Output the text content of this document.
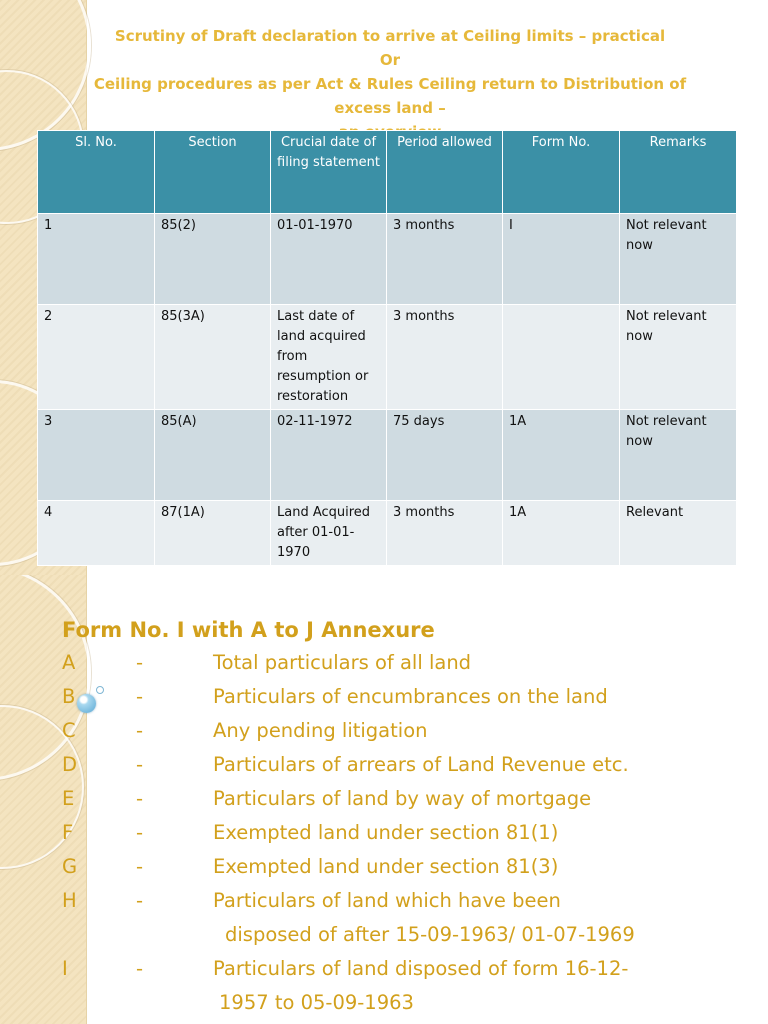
Scrutiny of Draft declaration to arrive at Ceiling limits – practical
Or
Ceiling procedures as per Act & Rules Ceiling return to Distribution of
excess land –
Sl. No.	Section	Crucial date of filing statement	Period allowed	Form No.	Remarks
1	85(2)	01-01-1970	3 months	I	Not relevant now
2	85(3A)	Last date of land acquired from resumption or restoration	3 months		Not relevant now
3	85(A)	02-11-1972	75 days	1A	Not relevant now
4	87(1A)	Land Acquired after 01-01-1970	3 months	1A	Relevant
Form No. I with A to J Annexure
A	-	Total particulars of all land
B	-	Particulars of encumbrances on the land
C	-	Any pending litigation
D	-	Particulars of arrears of Land Revenue etc.
E	-	Particulars of land by way of mortgage
F	-	Exempted land under section 81(1)
G	-	Exempted land under section 81(3)
H	-	Particulars of land which have been
disposed of after 15-09-1963/ 01-07-1969
I	-	Particulars of land disposed of form 16-12-
1957 to 05-09-1963
